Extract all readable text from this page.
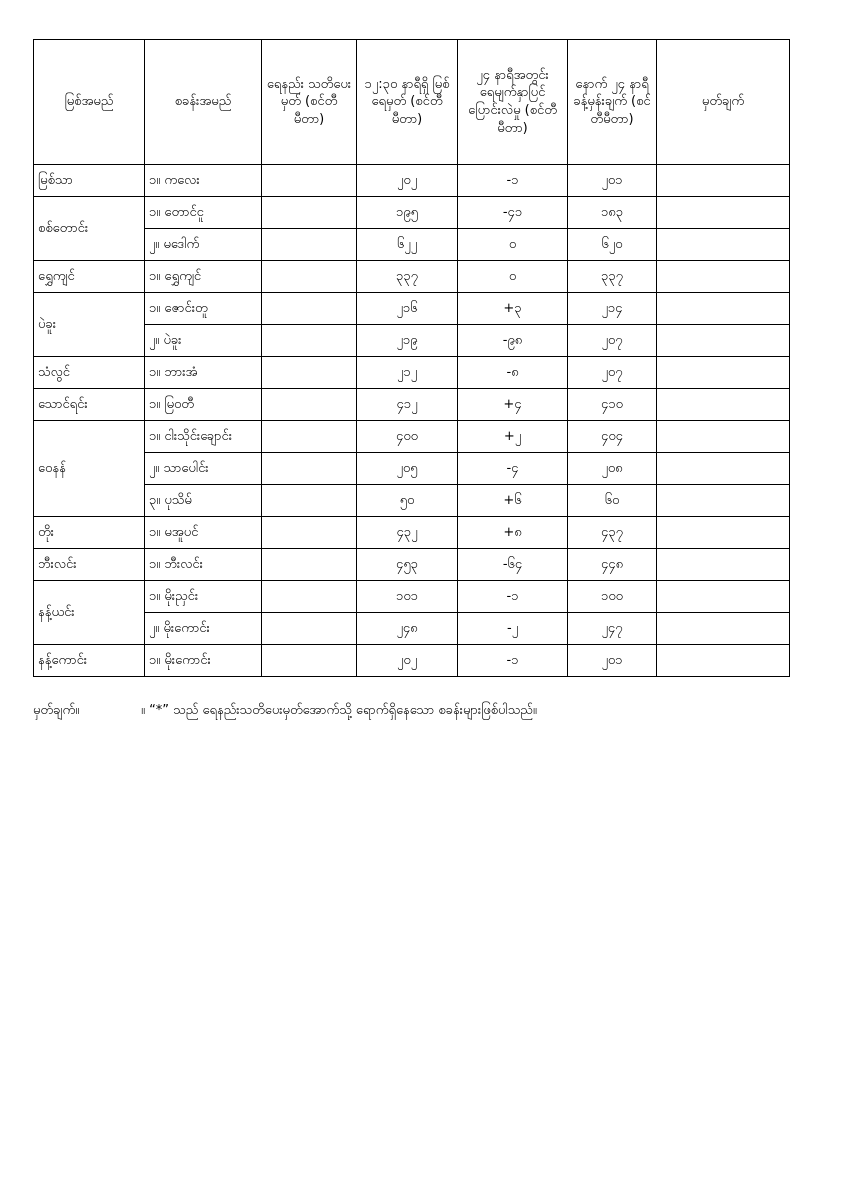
မြစ်အမည်	စခန်းအမည်	ရေနည်း သတိပေးမှတ် (စင်တီမီတာ)	၁၂:၃၀ နာရီရှိ မြစ်ရေမှတ် (စင်တီမီတာ)	၂၄ နာရီအတွင်း ရေမျက်နှာပြင် ပြောင်းလဲမှု (စင်တီမီတာ)	နောက် ၂၄ နာရီ ခန့်မှန်းချက် (စင်တီမီတာ)	မှတ်ချက်
မြစ်သာ	၁။ ကလေး		၂၀၂	-၁	၂၀၁	
စစ်တောင်း	၁။ တောင်ငူ		၁၉၅	-၄၁	၁၈၃	
	၂။ မဒေါက်		၆၂၂	၀	၆၂၀	
ရွှေကျင်	၁။ ရွှေကျင်		၃၃၇	၀	၃၃၇	
ပဲခူး	၁။ ဇောင်းတူ		၂၁၆	+၃	၂၁၄	
	၂။ ပဲခူး		၂၁၉	-၉၈	၂၀၇	
သံလွင်	၁။ ဘားအံ		၂၁၂	-၈	၂၀၇	
သောင်ရင်း	၁။ မြဝတီ		၄၁၂	+၄	၄၁၀	
ဝေနန်	၁။ ငါးသိုင်းချောင်း		၄၀၀	+၂	၄၀၄	
	၂။ သာပေါင်း		၂၀၅	-၄	၂၀၈	
	၃။ ပုသိမ်		၅၀	+၆	၆၀	
တိုး	၁။ မအူပင်		၄၃၂	+၈	၄၃၇	
ဘီးလင်း	၁။ ဘီးလင်း		၄၅၃	-၆၄	၄၄၈	
နန့်ယင်း	၁။ မိုးညှင်း		၁၀၁	-၁	၁၀၀	
	၂။ မိုးကောင်း		၂၄၈	-၂	၂၄၇	
နန့်ကောင်း	၁။ မိုးကောင်း		၂၀၂	-၁	၂၀၁	
မှတ်ချက်။	။ “*” သည် ရေနည်းသတိပေးမှတ်အောက်သို့ ရောက်ရှိနေသော စခန်းများဖြစ်ပါသည်။
